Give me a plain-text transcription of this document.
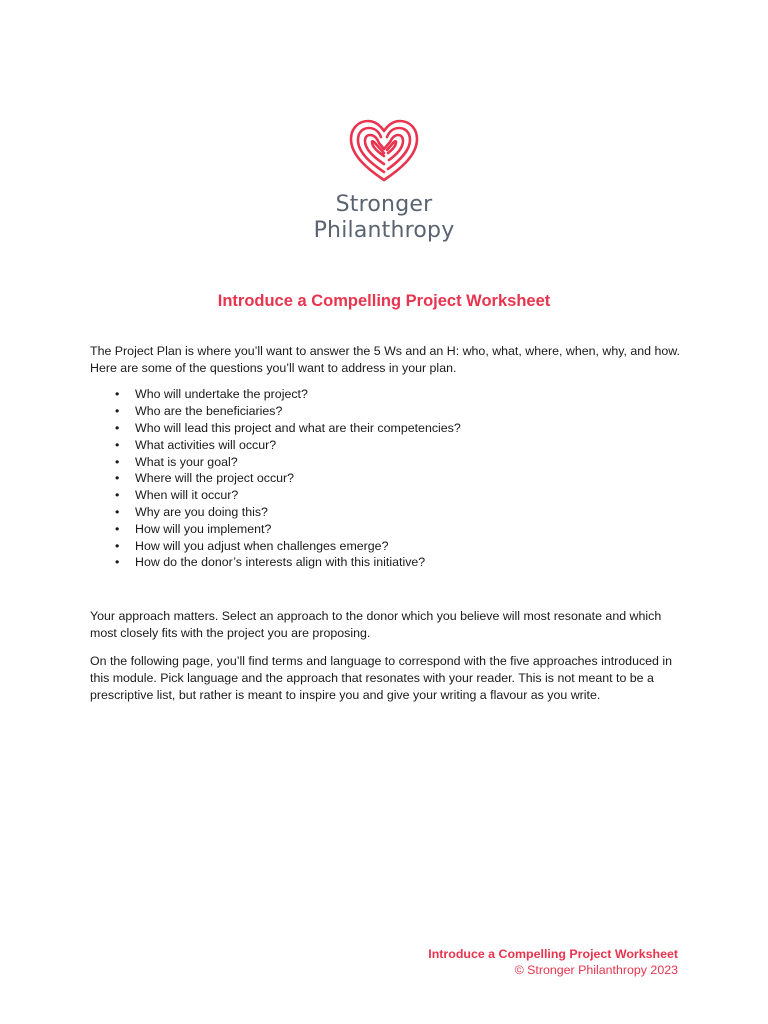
Stronger
Philanthropy
Introduce a Compelling Project Worksheet

The Project Plan is where you’ll want to answer the 5 Ws and an H: who, what, where, when, why, and how. Here are some of the questions you’ll want to address in your plan.

• Who will undertake the project?
• Who are the beneficiaries?
• Who will lead this project and what are their competencies?
• What activities will occur?
• What is your goal?
• Where will the project occur?
• When will it occur?
• Why are you doing this?
• How will you implement?
• How will you adjust when challenges emerge?
• How do the donor’s interests align with this initiative?

Your approach matters. Select an approach to the donor which you believe will most resonate and which most closely fits with the project you are proposing.

On the following page, you’ll find terms and language to correspond with the five approaches introduced in this module. Pick language and the approach that resonates with your reader. This is not meant to be a prescriptive list, but rather is meant to inspire you and give your writing a flavour as you write.

Introduce a Compelling Project Worksheet
© Stronger Philanthropy 2023
